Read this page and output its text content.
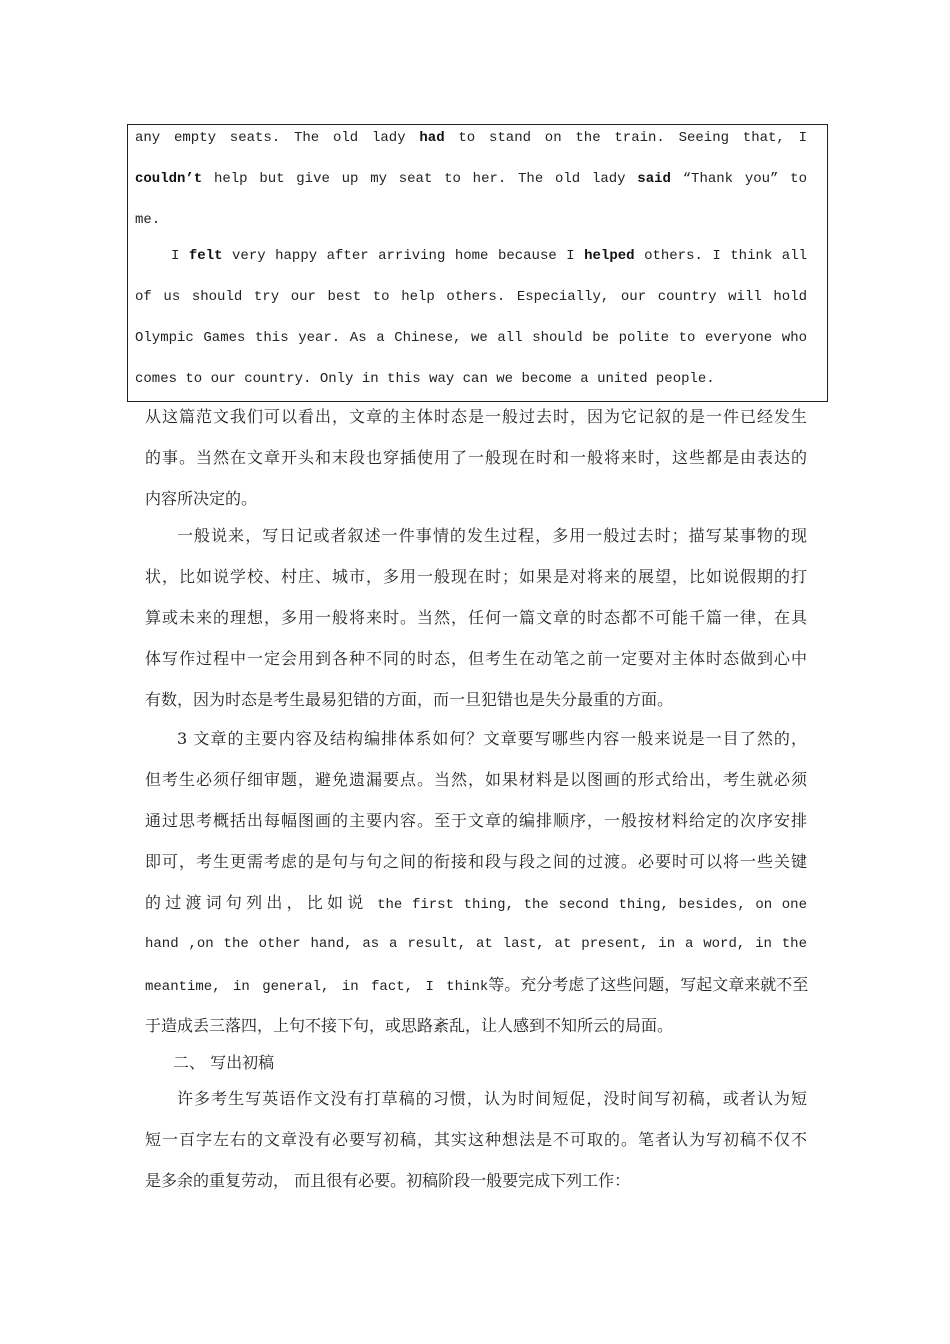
any empty seats. The old lady had to stand on the train. Seeing that, I
couldn’t help but give up my seat to her. The old lady said “Thank you” to
me.
I felt very happy after arriving home because I helped others. I think all
of us should try our best to help others. Especially, our country will hold
Olympic Games this year. As a Chinese, we all should be polite to everyone who
comes to our country. Only in this way can we become a united people.
从这篇范文我们可以看出，文章的主体时态是一般过去时，因为它记叙的是一件已经发生
的事。当然在文章开头和末段也穿插使用了一般现在时和一般将来时，这些都是由表达的
内容所决定的。
一般说来，写日记或者叙述一件事情的发生过程，多用一般过去时；描写某事物的现
状，比如说学校、村庄、城市，多用一般现在时；如果是对将来的展望，比如说假期的打
算或未来的理想，多用一般将来时。当然，任何一篇文章的时态都不可能千篇一律，在具
体写作过程中一定会用到各种不同的时态，但考生在动笔之前一定要对主体时态做到心中
有数，因为时态是考生最易犯错的方面，而一旦犯错也是失分最重的方面。
3 文章的主要内容及结构编排体系如何？文章要写哪些内容一般来说是一目了然的，
但考生必须仔细审题，避免遗漏要点。当然，如果材料是以图画的形式给出，考生就必须
通过思考概括出每幅图画的主要内容。至于文章的编排顺序，一般按材料给定的次序安排
即可，考生更需考虑的是句与句之间的衔接和段与段之间的过渡。必要时可以将一些关键
的过渡词句列出，比如说 the first thing, the second thing, besides, on one
hand ,on the other hand, as a result, at last, at present, in a word, in the
meantime, in general, in fact, I think等。充分考虑了这些问题，写起文章来就不至
于造成丢三落四，上句不接下句，或思路紊乱，让人感到不知所云的局面。
二、 写出初稿
许多考生写英语作文没有打草稿的习惯，认为时间短促，没时间写初稿，或者认为短
短一百字左右的文章没有必要写初稿，其实这种想法是不可取的。笔者认为写初稿不仅不
是多余的重复劳动， 而且很有必要。初稿阶段一般要完成下列工作：
